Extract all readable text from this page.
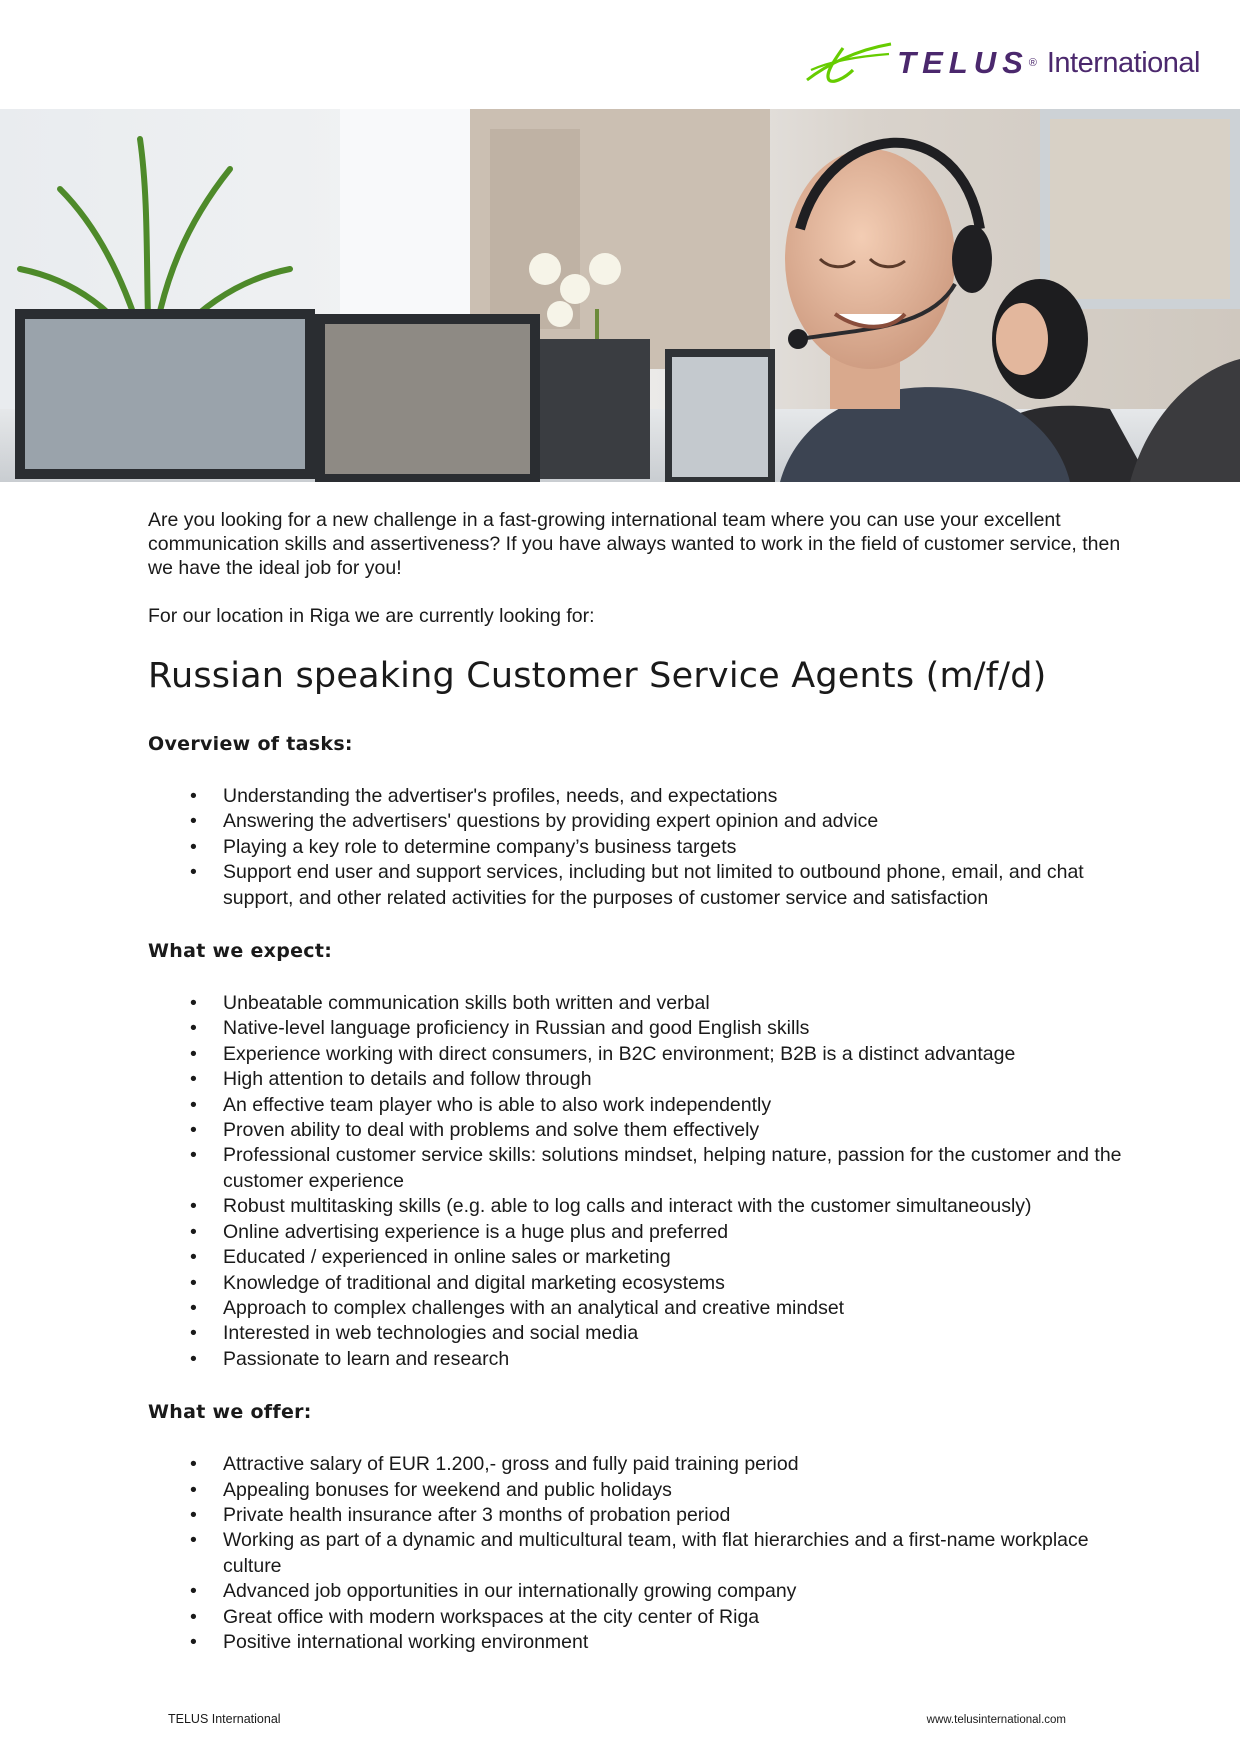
TELUS ® International

Are you looking for a new challenge in a fast-growing international team where you can use your excellent communication skills and assertiveness? If you have always wanted to work in the field of customer service, then we have the ideal job for you!

For our location in Riga we are currently looking for:

Russian speaking Customer Service Agents (m/f/d)
Overview of tasks:
• Understanding the advertiser's profiles, needs, and expectations
• Answering the advertisers' questions by providing expert opinion and advice
• Playing a key role to determine company’s business targets
• Support end user and support services, including but not limited to outbound phone, email, and chat support, and other related activities for the purposes of customer service and satisfaction
What we expect:
• Unbeatable communication skills both written and verbal
• Native-level language proficiency in Russian and good English skills
• Experience working with direct consumers, in B2C environment; B2B is a distinct advantage
• High attention to details and follow through
• An effective team player who is able to also work independently
• Proven ability to deal with problems and solve them effectively
• Professional customer service skills: solutions mindset, helping nature, passion for the customer and the customer experience
• Robust multitasking skills (e.g. able to log calls and interact with the customer simultaneously)
• Online advertising experience is a huge plus and preferred
• Educated / experienced in online sales or marketing
• Knowledge of traditional and digital marketing ecosystems
• Approach to complex challenges with an analytical and creative mindset
• Interested in web technologies and social media
• Passionate to learn and research
What we offer:
• Attractive salary of EUR 1.200,- gross and fully paid training period
• Appealing bonuses for weekend and public holidays
• Private health insurance after 3 months of probation period
• Working as part of a dynamic and multicultural team, with flat hierarchies and a first-name workplace culture
• Advanced job opportunities in our internationally growing company
• Great office with modern workspaces at the city center of Riga
• Positive international working environment
TELUS International	www.telusinternational.com
